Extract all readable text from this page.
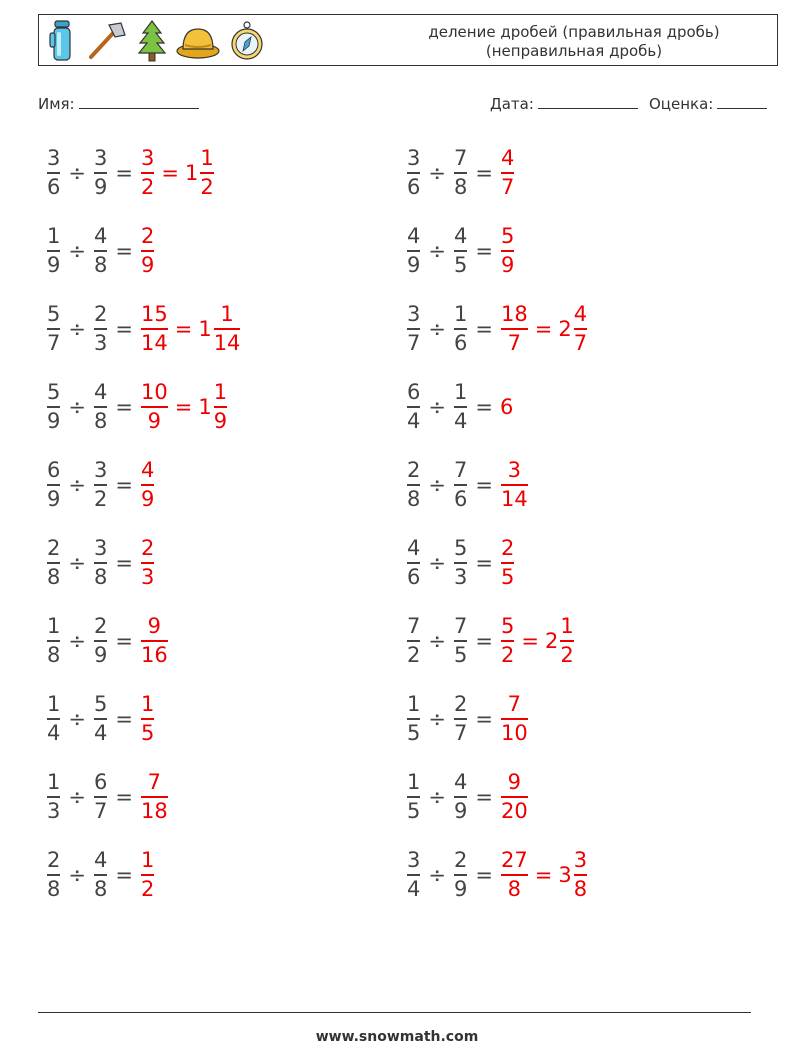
деление дробей (правильная дробь)
(неправильная дробь)
Имя:	Дата:	Оценка:
$\frac{3}{6} \div \frac{3}{9} = \frac{3}{2} = 1 \frac{1}{2}$	$\frac{3}{6} \div \frac{7}{8} = \frac{4}{7}$
$\frac{1}{9} \div \frac{4}{8} = \frac{2}{9}$	$\frac{4}{9} \div \frac{4}{5} = \frac{5}{9}$
$\frac{5}{7} \div \frac{2}{3} = \frac{15}{14} = 1 \frac{1}{14}$	$\frac{3}{7} \div \frac{1}{6} = \frac{18}{7} = 2 \frac{4}{7}$
$\frac{5}{9} \div \frac{4}{8} = \frac{10}{9} = 1 \frac{1}{9}$	$\frac{6}{4} \div \frac{1}{4} = 6$
$\frac{6}{9} \div \frac{3}{2} = \frac{4}{9}$	$\frac{2}{8} \div \frac{7}{6} = \frac{3}{14}$
$\frac{2}{8} \div \frac{3}{8} = \frac{2}{3}$	$\frac{4}{6} \div \frac{5}{3} = \frac{2}{5}$
$\frac{1}{8} \div \frac{2}{9} = \frac{9}{16}$	$\frac{7}{2} \div \frac{7}{5} = \frac{5}{2} = 2 \frac{1}{2}$
$\frac{1}{4} \div \frac{5}{4} = \frac{1}{5}$	$\frac{1}{5} \div \frac{2}{7} = \frac{7}{10}$
$\frac{1}{3} \div \frac{6}{7} = \frac{7}{18}$	$\frac{1}{5} \div \frac{4}{9} = \frac{9}{20}$
$\frac{2}{8} \div \frac{4}{8} = \frac{1}{2}$	$\frac{3}{4} \div \frac{2}{9} = \frac{27}{8} = 3 \frac{3}{8}$
www.snowmath.com
